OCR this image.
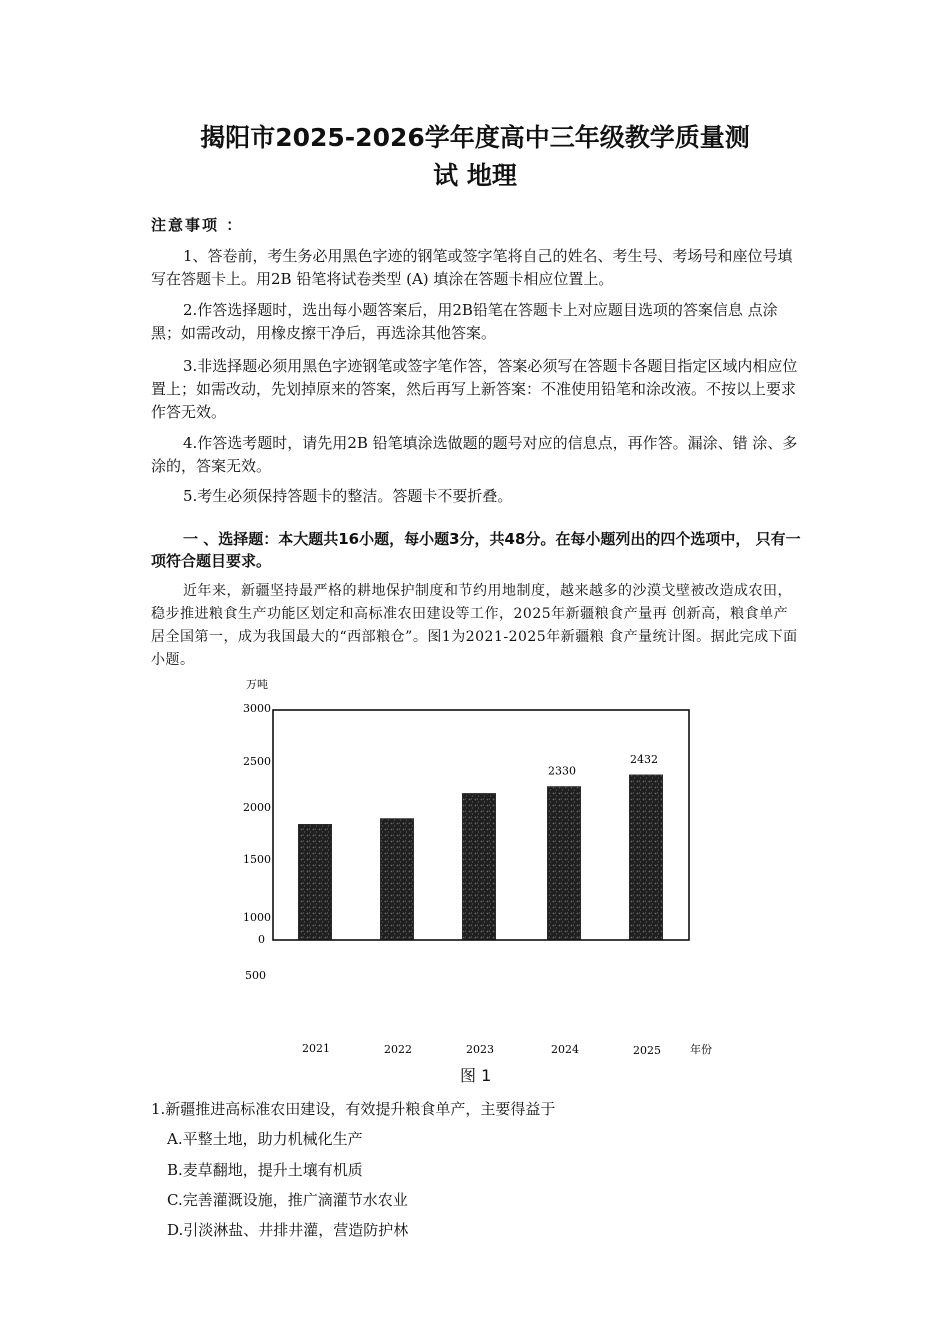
揭阳市2025-2026学年度高中三年级教学质量测
试 地理
注意事项 ：
1、答卷前，考生务必用黑色字迹的钢笔或签字笔将自己的姓名、考生号、考场号和座位号填写在答题卡上。用2B 铅笔将试卷类型 (A) 填涂在答题卡相应位置上。
2.作答选择题时，选出每小题答案后，用2B铅笔在答题卡上对应题目选项的答案信息 点涂黑；如需改动，用橡皮擦干净后，再选涂其他答案。
3.非选择题必须用黑色字迹钢笔或签字笔作答，答案必须写在答题卡各题目指定区域内相应位置上；如需改动，先划掉原来的答案，然后再写上新答案：不准使用铅笔和涂改液。不按以上要求作答无效。
4.作答选考题时，请先用2B 铅笔填涂选做题的题号对应的信息点，再作答。漏涂、错 涂、多涂的，答案无效。
5.考生必须保持答题卡的整洁。答题卡不要折叠。
一 、选择题：本大题共16小题，每小题3分，共48分。在每小题列出的四个选项中， 只有一项符合题目要求。
近年来，新疆坚持最严格的耕地保护制度和节约用地制度，越来越多的沙漠戈壁被改造成农田，稳步推进粮食生产功能区划定和高标准农田建设等工作，2025年新疆粮食产量再 创新高，粮食单产居全国第一，成为我国最大的“西部粮仓”。图1为2021-2025年新疆粮 食产量统计图。据此完成下面小题。
万吨
2330
2432
3000
2500
2000
1500
1000
0
500
2021	2022	2023	2024	2025	年份
图 1
1.新疆推进高标准农田建设，有效提升粮食单产，主要得益于
A.平整土地，助力机械化生产
B.麦草翻地，提升土壤有机质
C.完善灌溉设施，推广滴灌节水农业
D.引淡淋盐、井排井灌，营造防护林
